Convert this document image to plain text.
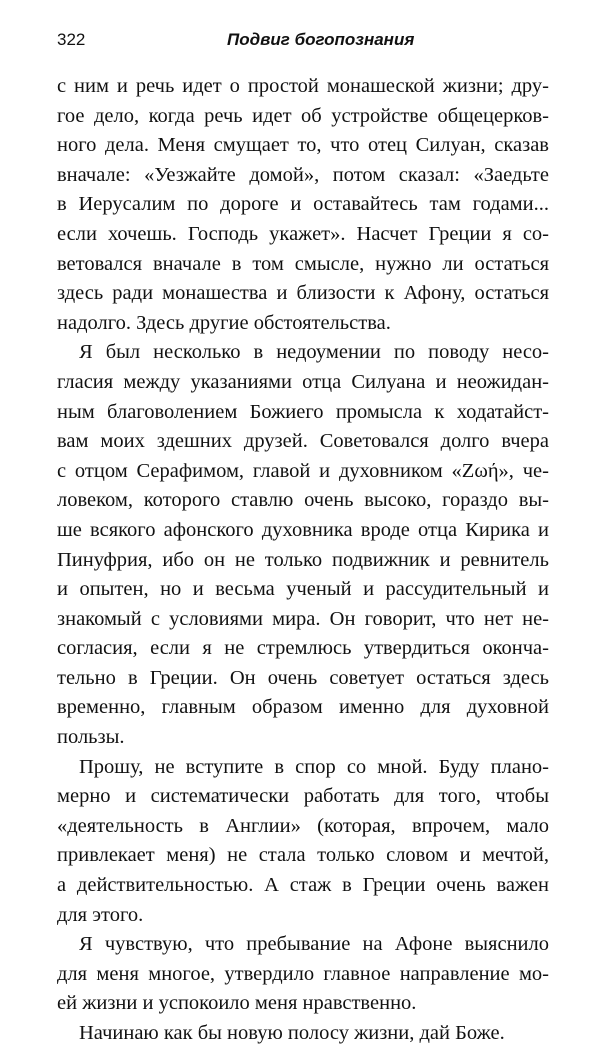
322	Подвиг богопознания
с ним и речь идет о простой монашеской жизни; дру-
гое дело, когда речь идет об устройстве общецерков-
ного дела. Меня смущает то, что отец Силуан, сказав
вначале: «Уезжайте домой», потом сказал: «Заедьте
в Иерусалим по дороге и оставайтесь там годами...
если хочешь. Господь укажет». Насчет Греции я со-
ветовался вначале в том смысле, нужно ли остаться
здесь ради монашества и близости к Афону, остаться
надолго. Здесь другие обстоятельства.
Я был несколько в недоумении по поводу несо-
гласия между указаниями отца Силуана и неожидан-
ным благоволением Божиего промысла к ходатайст-
вам моих здешних друзей. Советовался долго вчера
с отцом Серафимом, главой и духовником «Ζωή», че-
ловеком, которого ставлю очень высоко, гораздо вы-
ше всякого афонского духовника вроде отца Кирика и
Пинуфрия, ибо он не только подвижник и ревнитель
и опытен, но и весьма ученый и рассудительный и
знакомый с условиями мира. Он говорит, что нет не-
согласия, если я не стремлюсь утвердиться оконча-
тельно в Греции. Он очень советует остаться здесь
временно, главным образом именно для духовной
пользы.
Прошу, не вступите в спор со мной. Буду плано-
мерно и систематически работать для того, чтобы
«деятельность в Англии» (которая, впрочем, мало
привлекает меня) не стала только словом и мечтой,
а действительностью. А стаж в Греции очень важен
для этого.
Я чувствую, что пребывание на Афоне выяснило
для меня многое, утвердило главное направление мо-
ей жизни и успокоило меня нравственно.
Начинаю как бы новую полосу жизни, дай Боже.
